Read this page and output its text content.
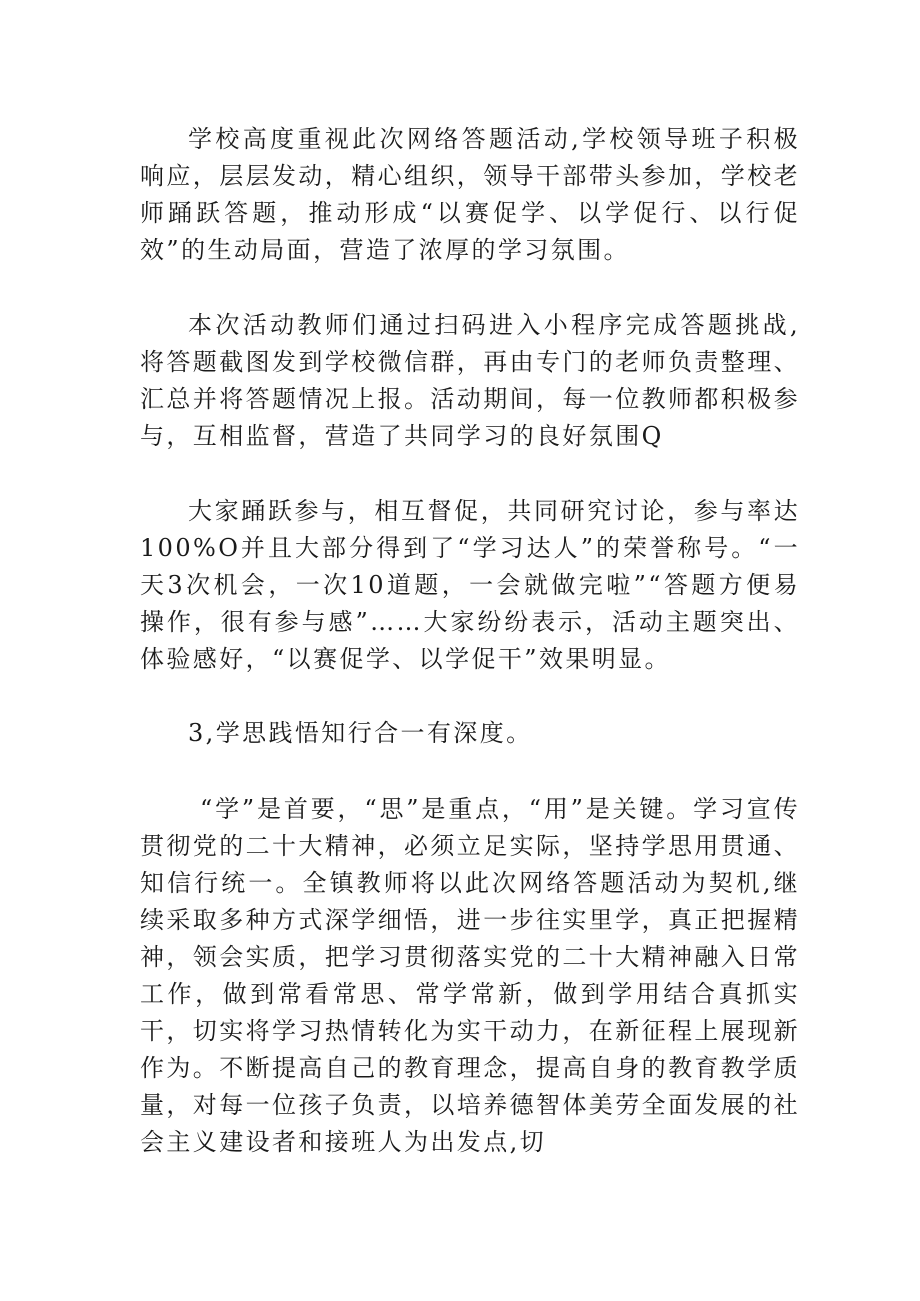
学校高度重视此次网络答题活动,学校领导班子积极响应，层层发动，精心组织，领导干部带头参加，学校老师踊跃答题，推动形成“以赛促学、以学促行、以行促效”的生动局面，营造了浓厚的学习氛围。

本次活动教师们通过扫码进入小程序完成答题挑战,将答题截图发到学校微信群，再由专门的老师负责整理、汇总并将答题情况上报。活动期间，每一位教师都积极参与，互相监督，营造了共同学习的良好氛围Q

大家踊跃参与，相互督促，共同研究讨论，参与率达100%O并且大部分得到了“学习达人”的荣誉称号。“一天3次机会，一次10道题，一会就做完啦”“答题方便易操作，很有参与感”……大家纷纷表示，活动主题突出、体验感好，“以赛促学、以学促干”效果明显。

3,学思践悟知行合一有深度。

“学”是首要，“思”是重点，“用”是关键。学习宣传贯彻党的二十大精神，必须立足实际，坚持学思用贯通、知信行统一。全镇教师将以此次网络答题活动为契机,继续采取多种方式深学细悟，进一步往实里学，真正把握精神，领会实质，把学习贯彻落实党的二十大精神融入日常工作，做到常看常思、常学常新，做到学用结合真抓实干，切实将学习热情转化为实干动力，在新征程上展现新作为。不断提高自己的教育理念，提高自身的教育教学质量，对每一位孩子负责，以培养德智体美劳全面发展的社会主义建设者和接班人为出发点,切
